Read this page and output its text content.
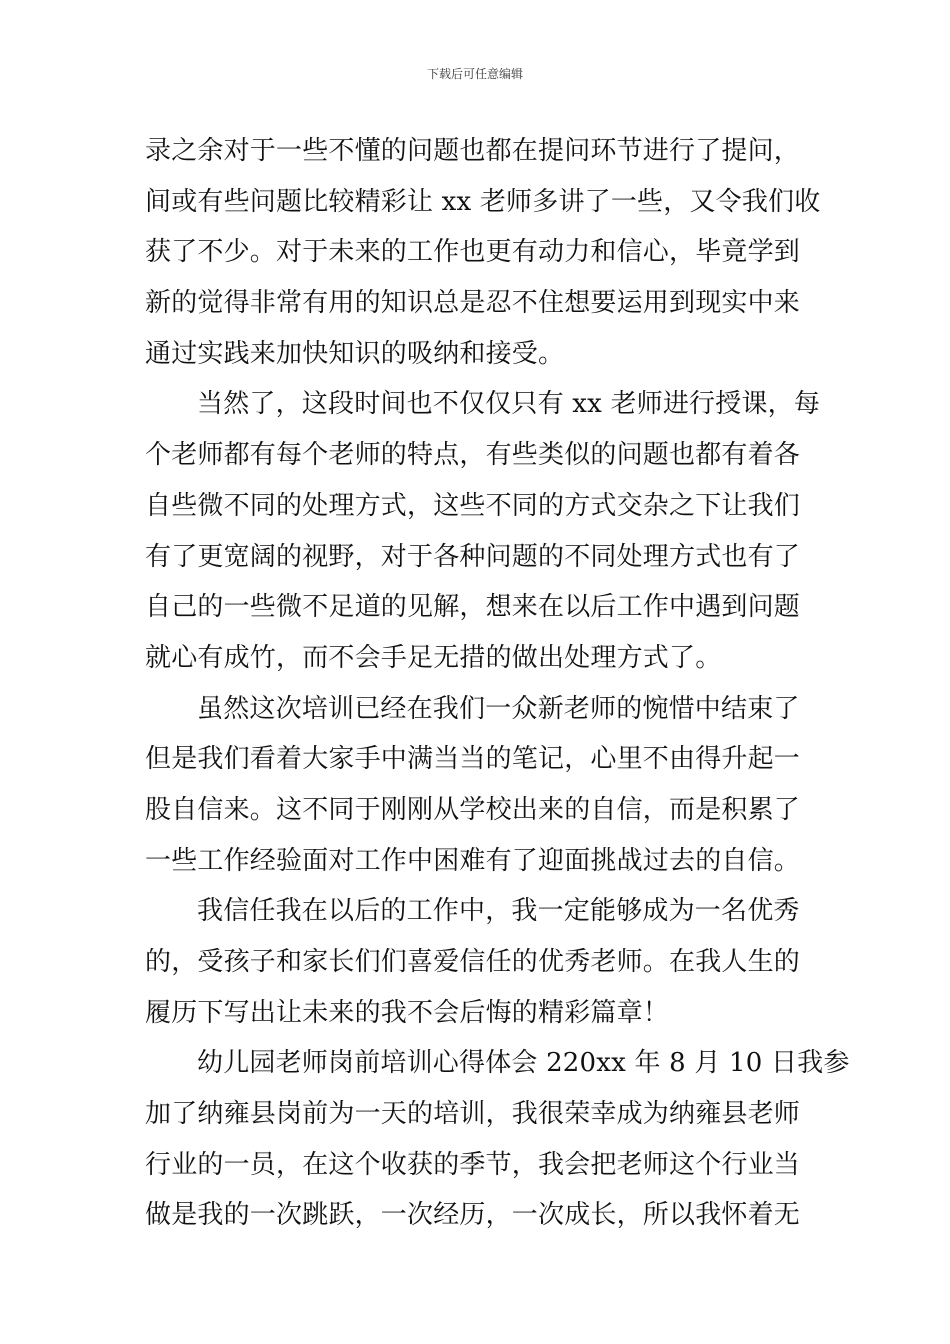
下载后可任意编辑
录之余对于一些不懂的问题也都在提问环节进行了提问，
间或有些问题比较精彩让 xx 老师多讲了一些，又令我们收
获了不少。对于未来的工作也更有动力和信心，毕竟学到
新的觉得非常有用的知识总是忍不住想要运用到现实中来
通过实践来加快知识的吸纳和接受。
当然了，这段时间也不仅仅只有 xx 老师进行授课，每
个老师都有每个老师的特点，有些类似的问题也都有着各
自些微不同的处理方式，这些不同的方式交杂之下让我们
有了更宽阔的视野，对于各种问题的不同处理方式也有了
自己的一些微不足道的见解，想来在以后工作中遇到问题
就心有成竹，而不会手足无措的做出处理方式了。
虽然这次培训已经在我们一众新老师的惋惜中结束了
但是我们看着大家手中满当当的笔记，心里不由得升起一
股自信来。这不同于刚刚从学校出来的自信，而是积累了
一些工作经验面对工作中困难有了迎面挑战过去的自信。
我信任我在以后的工作中，我一定能够成为一名优秀
的，受孩子和家长们们喜爱信任的优秀老师。在我人生的
履历下写出让未来的我不会后悔的精彩篇章！
幼儿园老师岗前培训心得体会 220xx 年 8 月 10 日我参
加了纳雍县岗前为一天的培训，我很荣幸成为纳雍县老师
行业的一员，在这个收获的季节，我会把老师这个行业当
做是我的一次跳跃，一次经历，一次成长，所以我怀着无
